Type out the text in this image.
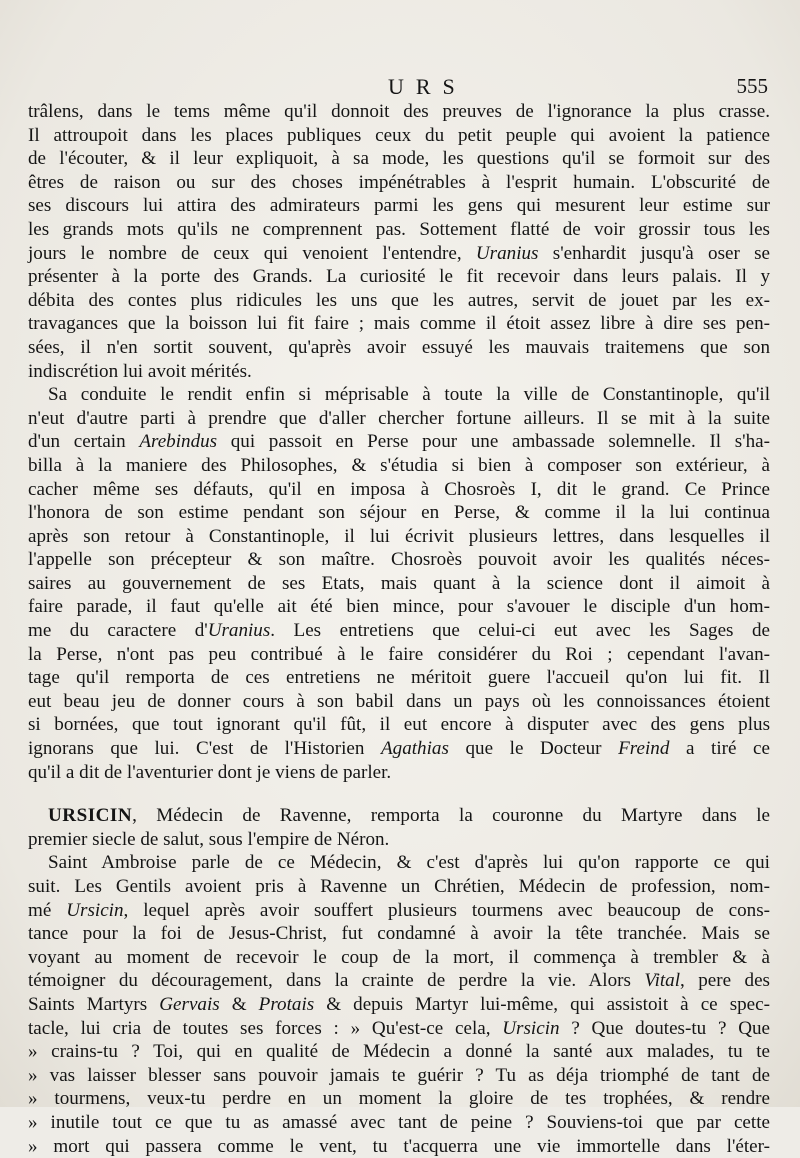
URS	555
trâlens, dans le tems même qu'il donnoit des preuves de l'ignorance la plus crasse.
Il attroupoit dans les places publiques ceux du petit peuple qui avoient la patience
de l'écouter, & il leur expliquoit, à sa mode, les questions qu'il se formoit sur des
êtres de raison ou sur des choses impénétrables à l'esprit humain. L'obscurité de
ses discours lui attira des admirateurs parmi les gens qui mesurent leur estime sur
les grands mots qu'ils ne comprennent pas. Sottement flatté de voir grossir tous les
jours le nombre de ceux qui venoient l'entendre, Uranius s'enhardit jusqu'à oser se
présenter à la porte des Grands. La curiosité le fit recevoir dans leurs palais. Il y
débita des contes plus ridicules les uns que les autres, servit de jouet par les ex-
travagances que la boisson lui fit faire ; mais comme il étoit assez libre à dire ses pen-
sées, il n'en sortit souvent, qu'après avoir essuyé les mauvais traitemens que son
indiscrétion lui avoit mérités.
Sa conduite le rendit enfin si méprisable à toute la ville de Constantinople, qu'il
n'eut d'autre parti à prendre que d'aller chercher fortune ailleurs. Il se mit à la suite
d'un certain Arebindus qui passoit en Perse pour une ambassade solemnelle. Il s'ha-
billa à la maniere des Philosophes, & s'étudia si bien à composer son extérieur, à
cacher même ses défauts, qu'il en imposa à Chosroès I, dit le grand. Ce Prince
l'honora de son estime pendant son séjour en Perse, & comme il la lui continua
après son retour à Constantinople, il lui écrivit plusieurs lettres, dans lesquelles il
l'appelle son précepteur & son maître. Chosroès pouvoit avoir les qualités néces-
saires au gouvernement de ses Etats, mais quant à la science dont il aimoit à
faire parade, il faut qu'elle ait été bien mince, pour s'avouer le disciple d'un hom-
me du caractere d'Uranius. Les entretiens que celui-ci eut avec les Sages de
la Perse, n'ont pas peu contribué à le faire considérer du Roi ; cependant l'avan-
tage qu'il remporta de ces entretiens ne méritoit guere l'accueil qu'on lui fit. Il
eut beau jeu de donner cours à son babil dans un pays où les connoissances étoient
si bornées, que tout ignorant qu'il fût, il eut encore à disputer avec des gens plus
ignorans que lui. C'est de l'Historien Agathias que le Docteur Freind a tiré ce
qu'il a dit de l'aventurier dont je viens de parler.
URSICIN, Médecin de Ravenne, remporta la couronne du Martyre dans le
premier siecle de salut, sous l'empire de Néron.
Saint Ambroise parle de ce Médecin, & c'est d'après lui qu'on rapporte ce qui
suit. Les Gentils avoient pris à Ravenne un Chrétien, Médecin de profession, nom-
mé Ursicin, lequel après avoir souffert plusieurs tourmens avec beaucoup de cons-
tance pour la foi de Jesus-Christ, fut condamné à avoir la tête tranchée. Mais se
voyant au moment de recevoir le coup de la mort, il commença à trembler & à
témoigner du découragement, dans la crainte de perdre la vie. Alors Vital, pere des
Saints Martyrs Gervais & Protais & depuis Martyr lui-même, qui assistoit à ce spec-
tacle, lui cria de toutes ses forces : » Qu'est-ce cela, Ursicin ? Que doutes-tu ? Que
» crains-tu ? Toi, qui en qualité de Médecin a donné la santé aux malades, tu te
» vas laisser blesser sans pouvoir jamais te guérir ? Tu as déja triomphé de tant de
» tourmens, veux-tu perdre en un moment la gloire de tes trophées, & rendre
» inutile tout ce que tu as amassé avec tant de peine ? Souviens-toi que par cette
» mort qui passera comme le vent, tu t'acquerra une vie immortelle dans l'éter-
